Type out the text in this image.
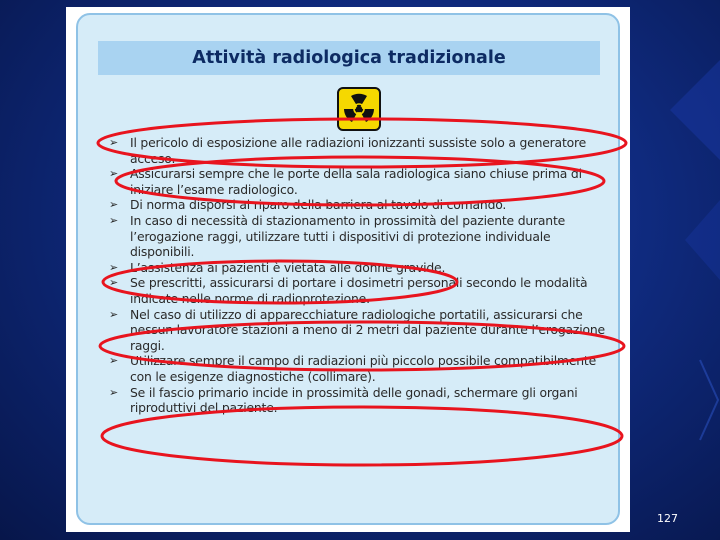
Attività radiologica tradizionale
➢ Il pericolo di esposizione alle radiazioni ionizzanti sussiste solo a generatore acceso.
➢ Assicurarsi sempre che le porte della sala radiologica siano chiuse prima di iniziare l’esame radiologico.
➢ Di norma disporsi al riparo della barriera al tavolo di comando.
➢ In caso di necessità di stazionamento in prossimità del paziente durante l’erogazione raggi, utilizzare tutti i dispositivi di protezione individuale disponibili.
➢ L’assistenza ai pazienti è vietata alle donne gravide.
➢ Se prescritti, assicurarsi di portare i dosimetri personali secondo le modalità indicate nelle norme di radioprotezione.
➢ Nel caso di utilizzo di apparecchiature radiologiche portatili, assicurarsi che nessun lavoratore stazioni a meno di 2 metri dal paziente durante l’erogazione raggi.
➢ Utilizzare sempre il campo di radiazioni più piccolo possibile compatibilmente con le esigenze diagnostiche (collimare).
➢ Se il fascio primario incide in prossimità delle gonadi, schermare gli organi riproduttivi del paziente.
127
